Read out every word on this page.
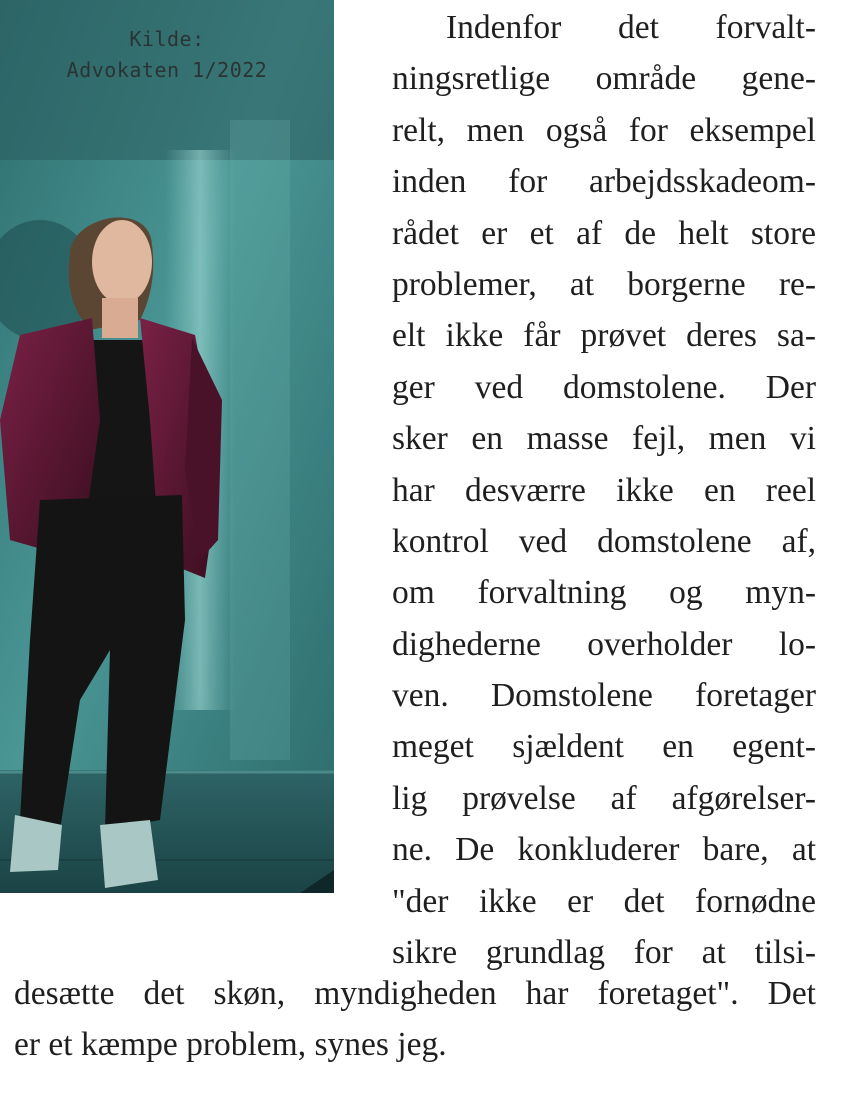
Kilde:
Advokaten 1/2022
Indenfor det forvalt-
ningsretlige område gene-
relt, men også for eksempel
inden for arbejdsskadeom-
rådet er et af de helt store
problemer, at borgerne re-
elt ikke får prøvet deres sa-
ger ved domstolene. Der
sker en masse fejl, men vi
har desværre ikke en reel
kontrol ved domstolene af,
om forvaltning og myn-
dighederne overholder lo-
ven. Domstolene foretager
meget sjældent en egent-
lig prøvelse af afgørelser-
ne. De konkluderer bare, at
"der ikke er det fornødne
sikre grundlag for at tilsi-
desætte det skøn, myndigheden har foretaget". Det
er et kæmpe problem, synes jeg.
